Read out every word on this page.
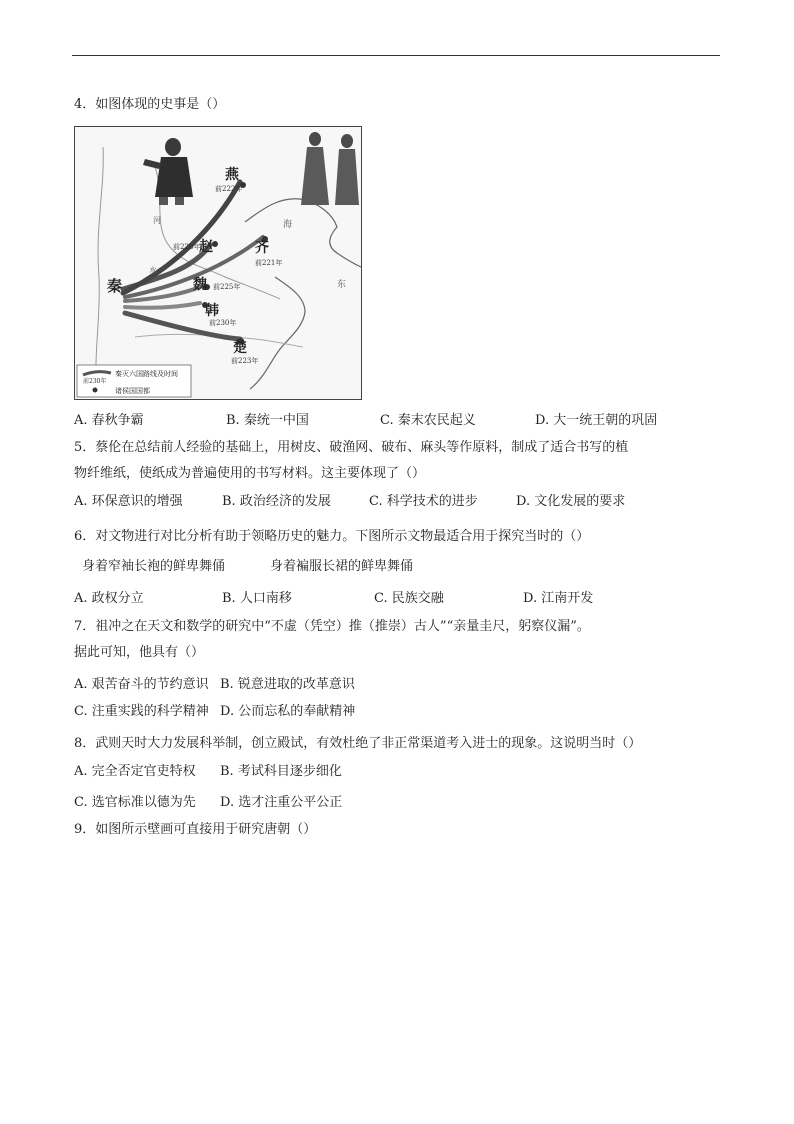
4．如图体现的史事是（）
秦
赵
燕
齐
魏
韩
楚
前228年
前222年
前221年
前225年
前230年
前223年
河
水
海
东
前230年
秦灭六国路线及时间
诸侯国国都
A. 春秋争霸	B. 秦统一中国	C. 秦末农民起义	D. 大一统王朝的巩固
5．蔡伦在总结前人经验的基础上，用树皮、破渔网、破布、麻头等作原料，制成了适合书写的植
物纤维纸，使纸成为普遍使用的书写材料。这主要体现了（）
A. 环保意识的增强	B. 政治经济的发展	C. 科学技术的进步	D. 文化发展的要求
6．对文物进行对比分析有助于领略历史的魅力。下图所示文物最适合用于探究当时的（）
身着窄袖长袍的鲜卑舞俑	身着褊服长裙的鲜卑舞俑
A. 政权分立	B. 人口南移	C. 民族交融	D. 江南开发
7．祖冲之在天文和数学的研究中“不虚（凭空）推（推崇）古人”“亲量圭尺，躬察仪漏”。
据此可知，他具有（）
A. 艰苦奋斗的节约意识 B. 锐意进取的改革意识
C. 注重实践的科学精神 D. 公而忘私的奉献精神
8．武则天时大力发展科举制，创立殿试，有效杜绝了非正常渠道考入进士的现象。这说明当时（）
A. 完全否定官吏特权 B. 考试科目逐步细化
C. 选官标准以德为先 D. 选才注重公平公正
9．如图所示壁画可直接用于研究唐朝（）
